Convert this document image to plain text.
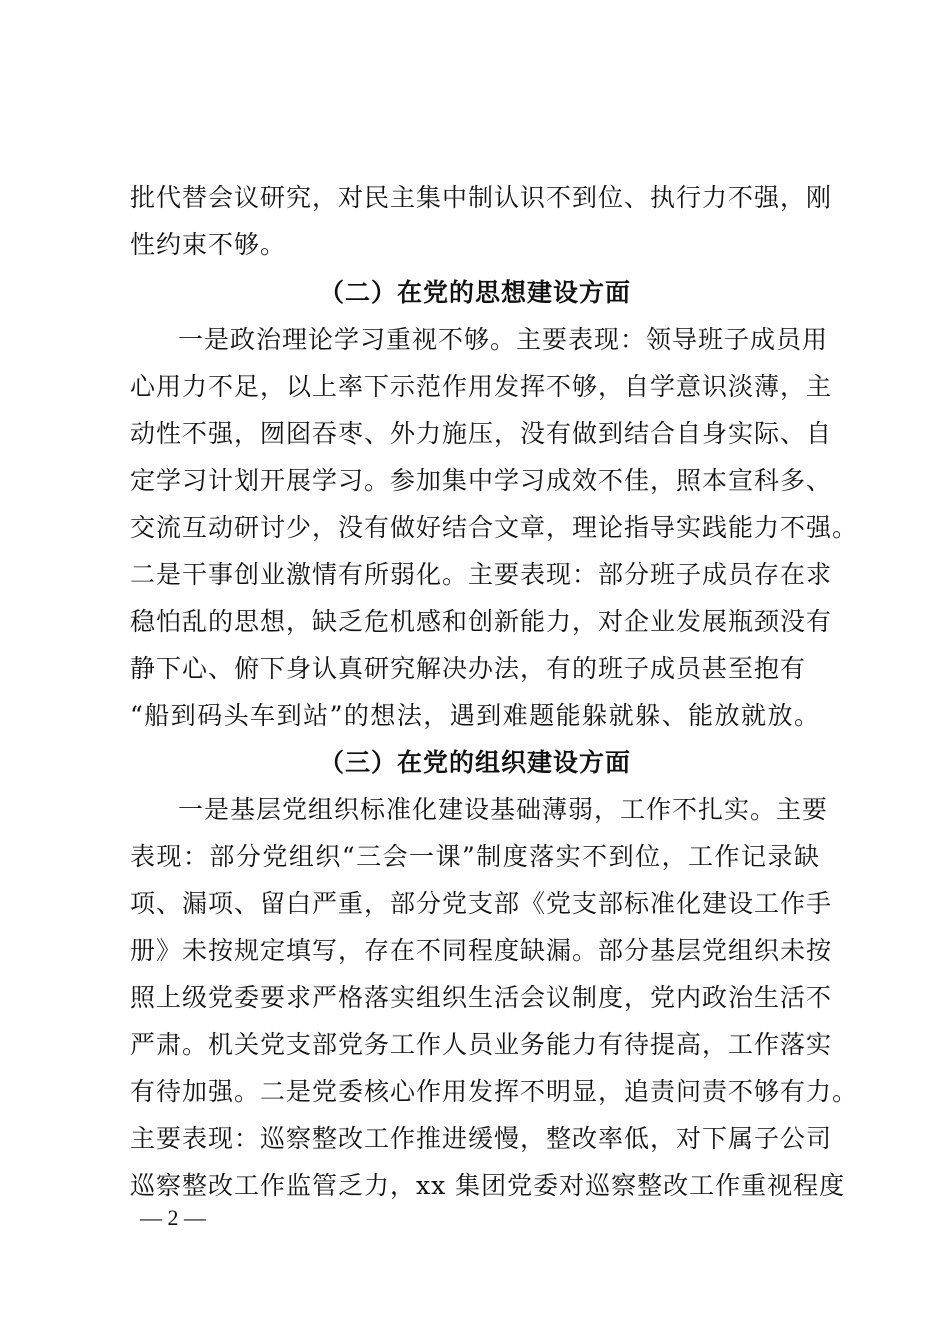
批代替会议研究，对民主集中制认识不到位、执行力不强，刚
性约束不够。
（二）在党的思想建设方面
一是政治理论学习重视不够。主要表现：领导班子成员用
心用力不足，以上率下示范作用发挥不够，自学意识淡薄，主
动性不强，囫囵吞枣、外力施压，没有做到结合自身实际、自
定学习计划开展学习。参加集中学习成效不佳，照本宣科多、
交流互动研讨少，没有做好结合文章，理论指导实践能力不强。
二是干事创业激情有所弱化。主要表现：部分班子成员存在求
稳怕乱的思想，缺乏危机感和创新能力，对企业发展瓶颈没有
静下心、俯下身认真研究解决办法，有的班子成员甚至抱有
“船到码头车到站”的想法，遇到难题能躲就躲、能放就放。
（三）在党的组织建设方面
一是基层党组织标准化建设基础薄弱，工作不扎实。主要
表现：部分党组织“三会一课”制度落实不到位，工作记录缺
项、漏项、留白严重，部分党支部《党支部标准化建设工作手
册》未按规定填写，存在不同程度缺漏。部分基层党组织未按
照上级党委要求严格落实组织生活会议制度，党内政治生活不
严肃。机关党支部党务工作人员业务能力有待提高，工作落实
有待加强。二是党委核心作用发挥不明显，追责问责不够有力。
主要表现：巡察整改工作推进缓慢，整改率低，对下属子公司
巡察整改工作监管乏力，xx 集团党委对巡察整改工作重视程度
— 2 —
